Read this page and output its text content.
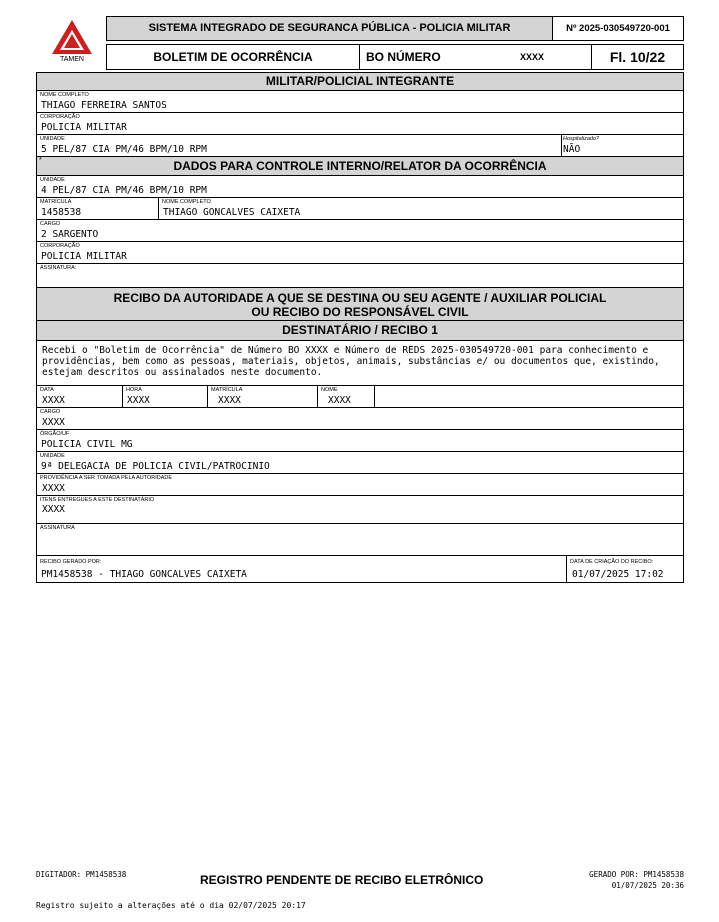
TAMEN
SISTEMA INTEGRADO DE SEGURANCA PÚBLICA - POLICIA MILITAR	Nº 2025-030549720-001
BOLETIM DE OCORRÊNCIA	BO NÚMERO	XXXX	Fl. 10/22
MILITAR/POLICIAL INTEGRANTE
NOME COMPLETO
THIAGO FERREIRA SANTOS
CORPORAÇÃO
POLICIA MILITAR
UNIDADE
5 PEL/87 CIA PM/46 BPM/10 RPM
Hospitalizado?
NÃO
*	DADOS PARA CONTROLE INTERNO/RELATOR DA OCORRÊNCIA
UNIDADE
4 PEL/87 CIA PM/46 BPM/10 RPM
MATRÍCULA
1458538
NOME COMPLETO
THIAGO GONCALVES CAIXETA
CARGO
2 SARGENTO
CORPORAÇÃO
POLICIA MILITAR
ASSINATURA:
RECIBO DA AUTORIDADE A QUE SE DESTINA OU SEU AGENTE / AUXILIAR POLICIAL
OU RECIBO DO RESPONSÁVEL CIVIL
DESTINATÁRIO / RECIBO 1
Recebi o "Boletim de Ocorrência" de Número BO XXXX e Número de REDS 2025-030549720-001 para conhecimento e
providências, bem como as pessoas, materiais, objetos, animais, substâncias e/ ou documentos que, existindo,
estejam descritos ou assinalados neste documento.
DATA
XXXX
HORA
XXXX
MATRÍCULA
XXXX
NOME
XXXX
CARGO
XXXX
ÓRGÃO/UF
POLICIA CIVIL MG
UNIDADE
9ª DELEGACIA DE POLICIA CIVIL/PATROCINIO
PROVIDÊNCIA A SER TOMADA PELA AUTORIDADE
XXXX
ITENS ENTREGUES A ESTE DESTINATÁRIO
XXXX
ASSINATURA
RECIBO GERADO POR:
PM1458538 - THIAGO GONCALVES CAIXETA
DATA DE CRIAÇÃO DO RECIBO:
01/07/2025 17:02
DIGITADOR: PM1458538	REGISTRO PENDENTE DE RECIBO ELETRÔNICO	GERADO POR: PM1458538
01/07/2025 20:36
Registro sujeito a alterações até o dia 02/07/2025 20:17
